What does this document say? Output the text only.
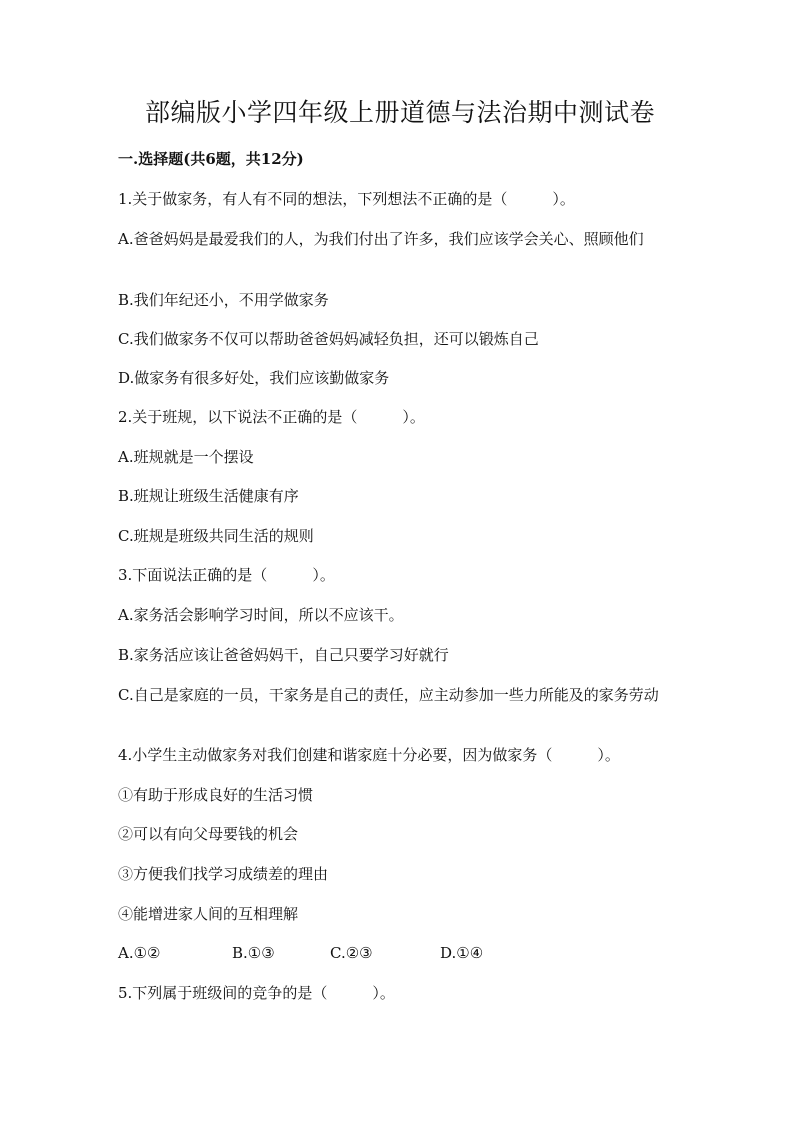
部编版小学四年级上册道德与法治期中测试卷
一.选择题(共6题，共12分)
1.关于做家务，有人有不同的想法，下列想法不正确的是（　　　）。
A.爸爸妈妈是最爱我们的人，为我们付出了许多，我们应该学会关心、照顾他们
B.我们年纪还小，不用学做家务
C.我们做家务不仅可以帮助爸爸妈妈减轻负担，还可以锻炼自己
D.做家务有很多好处，我们应该勤做家务
2.关于班规，以下说法不正确的是（　　　）。
A.班规就是一个摆设
B.班规让班级生活健康有序
C.班规是班级共同生活的规则
3.下面说法正确的是（　　　）。
A.家务活会影响学习时间，所以不应该干。
B.家务活应该让爸爸妈妈干，自己只要学习好就行
C.自己是家庭的一员，干家务是自己的责任，应主动参加一些力所能及的家务劳动
4.小学生主动做家务对我们创建和谐家庭十分必要，因为做家务（　　　）。
①有助于形成良好的生活习惯
②可以有向父母要钱的机会
③方便我们找学习成绩差的理由
④能增进家人间的互相理解
A.①②	B.①③	C.②③	D.①④
5.下列属于班级间的竞争的是（　　　）。
